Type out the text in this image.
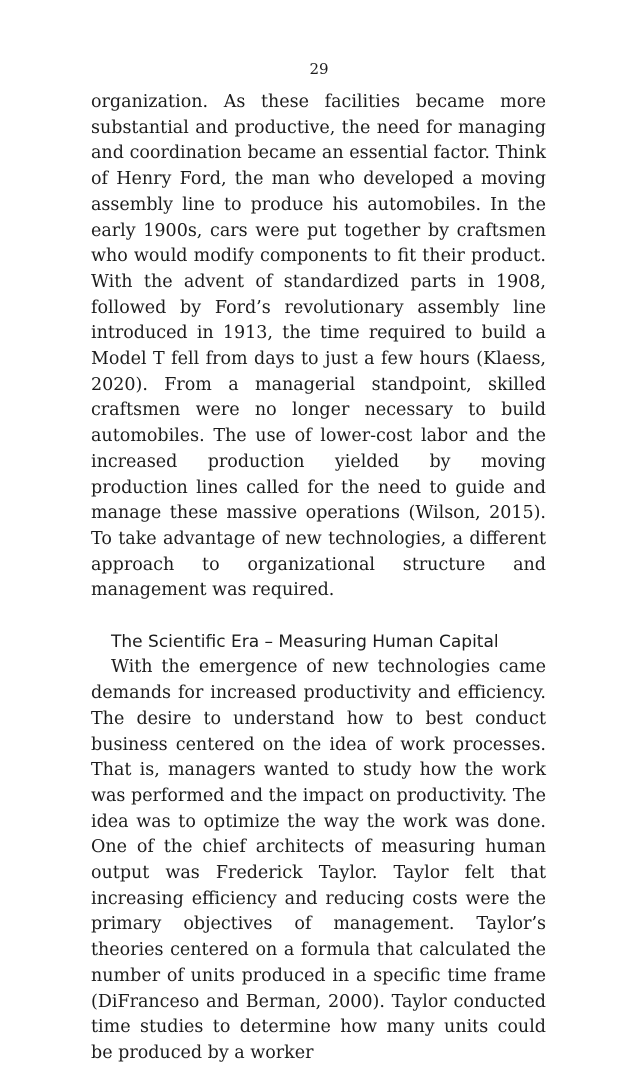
29

organization. As these facilities became more substantial and productive, the need for managing and coordination became an essential factor. Think of Henry Ford, the man who developed a moving assembly line to produce his automobiles. In the early 1900s, cars were put together by craftsmen who would modify components to fit their product. With the advent of standardized parts in 1908, followed by Ford’s revolutionary assembly line introduced in 1913, the time required to build a Model T fell from days to just a few hours (Klaess, 2020). From a managerial standpoint, skilled craftsmen were no longer necessary to build automobiles. The use of lower-cost labor and the increased production yielded by moving production lines called for the need to guide and manage these massive operations (Wilson, 2015). To take advantage of new technologies, a different approach to organizational structure and management was required.

The Scientific Era – Measuring Human Capital

With the emergence of new technologies came demands for increased productivity and efficiency. The desire to understand how to best conduct business centered on the idea of work processes. That is, managers wanted to study how the work was performed and the impact on productivity. The idea was to optimize the way the work was done. One of the chief architects of measuring human output was Frederick Taylor. Taylor felt that increasing efficiency and reducing costs were the primary objectives of management. Taylor’s theories centered on a formula that calculated the number of units produced in a specific time frame (DiFranceso and Berman, 2000). Taylor conducted time studies to determine how many units could be produced by a worker
